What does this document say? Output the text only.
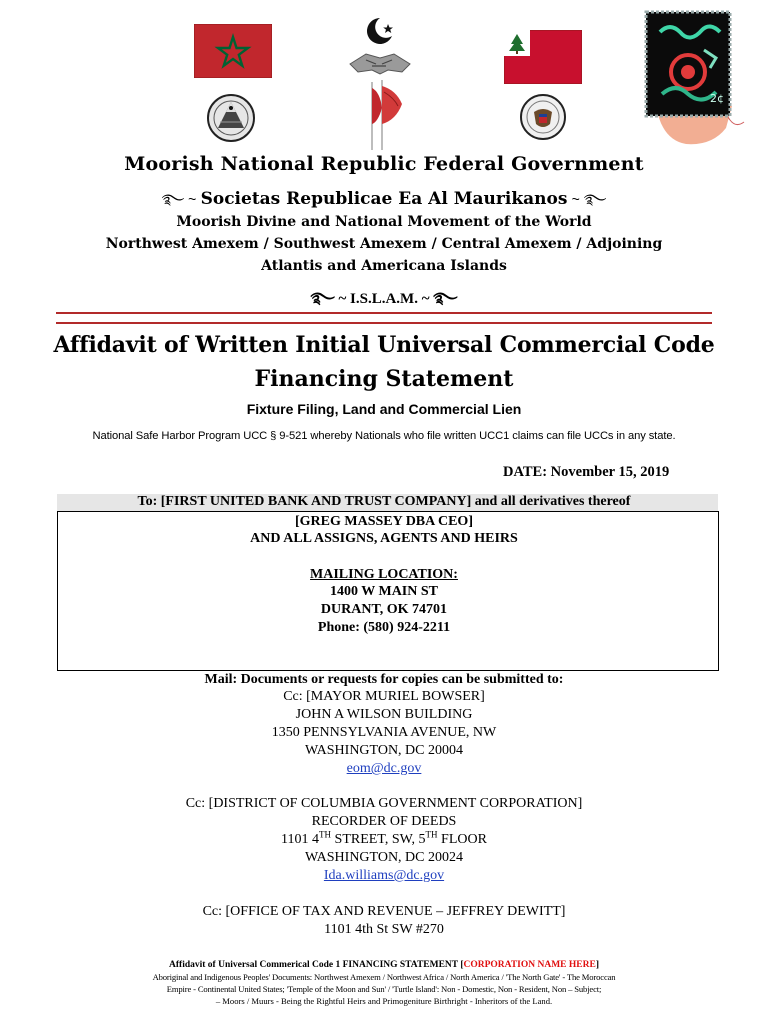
2¢
Moorish National Republic Federal Government
࿐ ~ Societas Republicae Ea Al Maurikanos ~ ࿐
Moorish Divine and National Movement of the World
Northwest Amexem / Southwest Amexem / Central Amexem / Adjoining
Atlantis and Americana Islands
࿐ ~ I.S.L.A.M. ~ ࿐
Affidavit of Written Initial Universal Commercial Code
Financing Statement
Fixture Filing, Land and Commercial Lien
National Safe Harbor Program UCC § 9-521 whereby Nationals who file written UCC1 claims can file UCCs in any state.
DATE: November 15, 2019
To: [FIRST UNITED BANK AND TRUST COMPANY] and all derivatives thereof
[GREG MASSEY DBA CEO]
AND ALL ASSIGNS, AGENTS AND HEIRS
MAILING LOCATION:
1400 W MAIN ST
DURANT, OK 74701
Phone: (580) 924-2211
Mail: Documents or requests for copies can be submitted to:
Cc: [MAYOR MURIEL BOWSER]
JOHN A WILSON BUILDING
1350 PENNSYLVANIA AVENUE, NW
WASHINGTON, DC 20004
eom@dc.gov
Cc: [DISTRICT OF COLUMBIA GOVERNMENT CORPORATION]
RECORDER OF DEEDS
1101 4TH STREET, SW, 5TH FLOOR
WASHINGTON, DC 20024
Ida.williams@dc.gov
Cc: [OFFICE OF TAX AND REVENUE – JEFFREY DEWITT]
1101 4th St SW #270
Affidavit of Universal Commerical Code 1 FINANCING STATEMENT [CORPORATION NAME HERE]
Aboriginal and Indigenous Peoples' Documents: Northwest Amexem / Northwest Africa / North America / 'The North Gate' - The Moroccan
Empire - Continental United States; 'Temple of the Moon and Sun' / 'Turtle Island': Non - Domestic, Non - Resident, Non – Subject;
– Moors / Muurs - Being the Rightful Heirs and Primogeniture Birthright - Inheritors of the Land.
